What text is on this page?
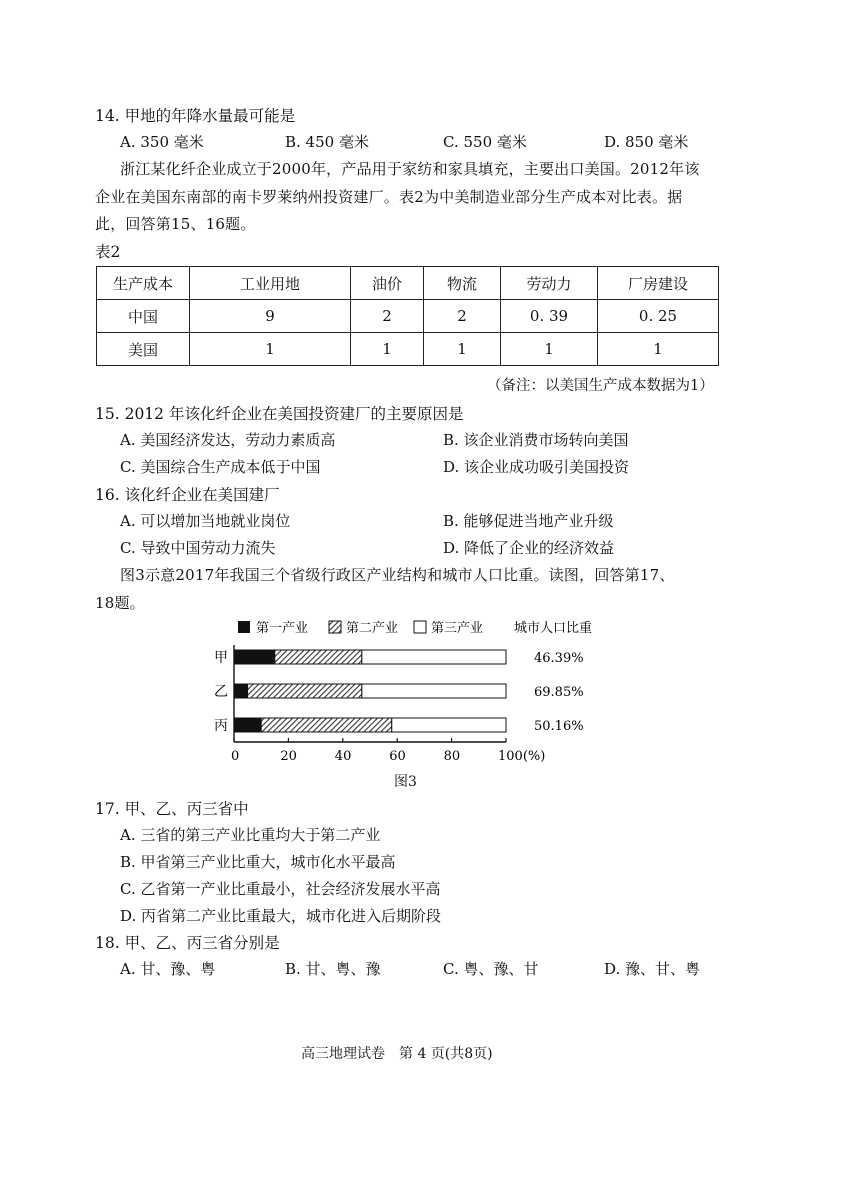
14. 甲地的年降水量最可能是
A. 350 毫米	B. 450 毫米	C. 550 毫米	D. 850 毫米
浙江某化纤企业成立于2000年，产品用于家纺和家具填充，主要出口美国。2012年该
企业在美国东南部的南卡罗莱纳州投资建厂。表2为中美制造业部分生产成本对比表。据
此，回答第15、16题。
表2
生产成本	工业用地	油价	物流	劳动力	厂房建设
中国	9	2	2	0. 39	0. 25
美国	1	1	1	1	1
（备注：以美国生产成本数据为1）
15. 2012 年该化纤企业在美国投资建厂的主要原因是
A. 美国经济发达，劳动力素质高	B. 该企业消费市场转向美国
C. 美国综合生产成本低于中国	D. 该企业成功吸引美国投资
16. 该化纤企业在美国建厂
A. 可以增加当地就业岗位	B. 能够促进当地产业升级
C. 导致中国劳动力流失	D. 降低了企业的经济效益
图3示意2017年我国三个省级行政区产业结构和城市人口比重。读图，回答第17、
18题。
第一产业	第二产业	第三产业 城市人口比重
甲	46.39%
乙	69.85%
丙	50.16%
0	20	40	60	80	100(%)
图3
17. 甲、乙、丙三省中
A. 三省的第三产业比重均大于第二产业
B. 甲省第三产业比重大，城市化水平最高
C. 乙省第一产业比重最小，社会经济发展水平高
D. 丙省第二产业比重最大，城市化进入后期阶段
18. 甲、乙、丙三省分别是
A. 甘、豫、粤	B. 甘、粤、豫	C. 粤、豫、甘	D. 豫、甘、粤
高三地理试卷　第 4 页(共8页)
